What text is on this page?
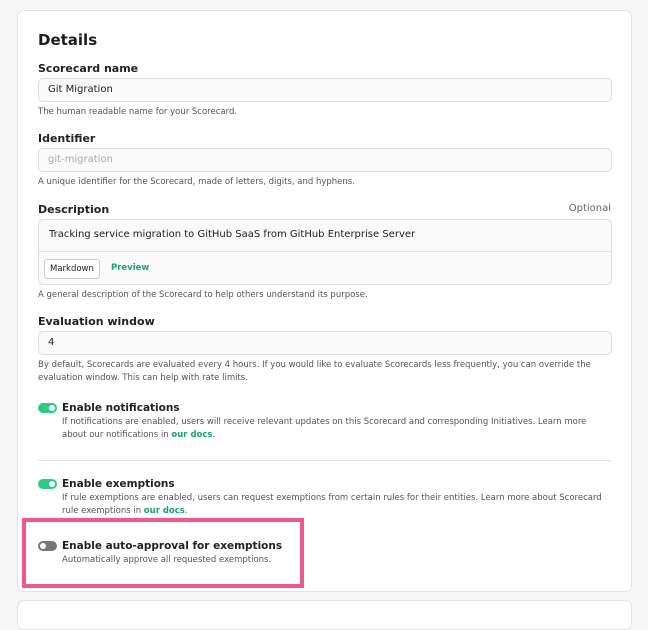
Details
Scorecard name
Git Migration
The human readable name for your Scorecard.
Identifier
git-migration
A unique identifier for the Scorecard, made of letters, digits, and hyphens.
Description	Optional
Tracking service migration to GitHub SaaS from GitHub Enterprise Server
Markdown	Preview
A general description of the Scorecard to help others understand its purpose.
Evaluation window
4
By default, Scorecards are evaluated every 4 hours. If you would like to evaluate Scorecards less frequently, you can override the evaluation window. This can help with rate limits.
Enable notifications
If notifications are enabled, users will receive relevant updates on this Scorecard and corresponding Initiatives. Learn more about our notifications in our docs.
Enable exemptions
If rule exemptions are enabled, users can request exemptions from certain rules for their entities. Learn more about Scorecard rule exemptions in our docs.
Enable auto-approval for exemptions
Automatically approve all requested exemptions.
